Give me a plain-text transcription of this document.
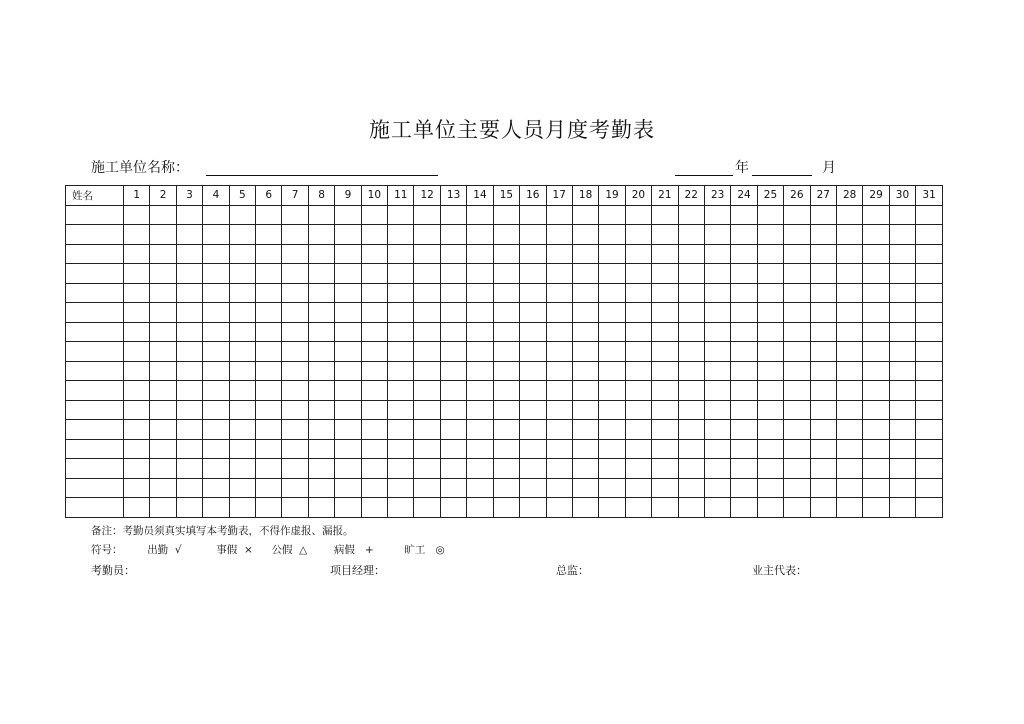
施工单位主要人员月度考勤表
施工单位名称：	年	月
姓名	1	2	3	4	5	6	7	8	9	10	11	12	13	14	15	16	17	18	19	20	21	22	23	24	25	26	27	28	29	30	31

备注：考勤员须真实填写本考勤表，不得作虚报、漏报。
符号： 出勤 √	事假 × 公假 △	病假 +	旷工 ◎
考勤员：	项目经理：	总监：	业主代表：
